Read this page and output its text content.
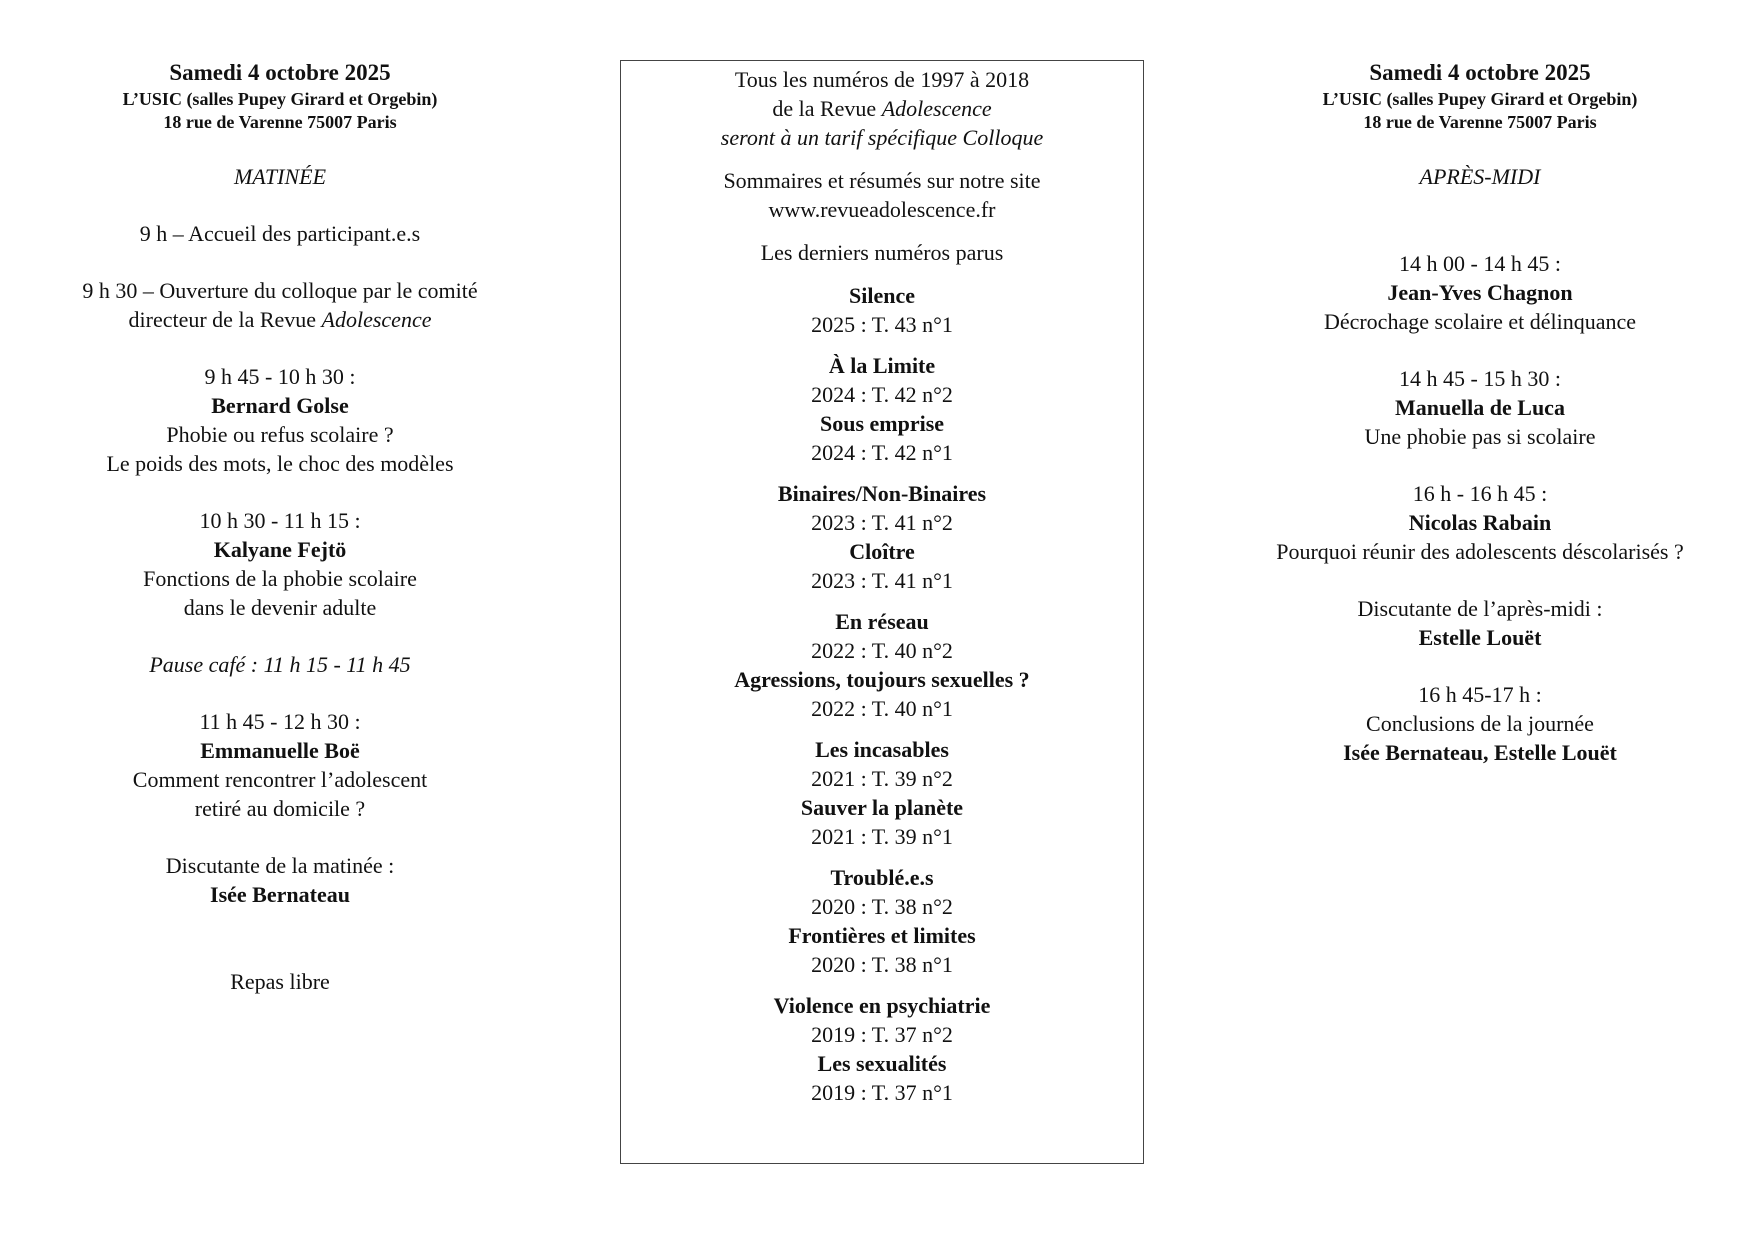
Samedi 4 octobre 2025
L’USIC (salles Pupey Girard et Orgebin)
18 rue de Varenne 75007 Paris
MATINÉE
9 h – Accueil des participant.e.s
9 h 30 – Ouverture du colloque par le comité
directeur de la Revue Adolescence
9 h 45 - 10 h 30 :
Bernard Golse
Phobie ou refus scolaire ?
Le poids des mots, le choc des modèles
10 h 30 - 11 h 15 :
Kalyane Fejtö
Fonctions de la phobie scolaire
dans le devenir adulte
Pause café : 11 h 15 - 11 h 45
11 h 45 - 12 h 30 :
Emmanuelle Boë
Comment rencontrer l’adolescent
retiré au domicile ?
Discutante de la matinée :
Isée Bernateau
Repas libre
Tous les numéros de 1997 à 2018
de la Revue Adolescence
seront à un tarif spécifique Colloque
Sommaires et résumés sur notre site
www.revueadolescence.fr
Les derniers numéros parus
Silence
2025 : T. 43 n°1
À la Limite
2024 : T. 42 n°2
Sous emprise
2024 : T. 42 n°1
Binaires/Non-Binaires
2023 : T. 41 n°2
Cloître
2023 : T. 41 n°1
En réseau
2022 : T. 40 n°2
Agressions, toujours sexuelles ?
2022 : T. 40 n°1
Les incasables
2021 : T. 39 n°2
Sauver la planète
2021 : T. 39 n°1
Troublé.e.s
2020 : T. 38 n°2
Frontières et limites
2020 : T. 38 n°1
Violence en psychiatrie
2019 : T. 37 n°2
Les sexualités
2019 : T. 37 n°1
Samedi 4 octobre 2025
L’USIC (salles Pupey Girard et Orgebin)
18 rue de Varenne 75007 Paris
APRÈS-MIDI
14 h 00 - 14 h 45 :
Jean-Yves Chagnon
Décrochage scolaire et délinquance
14 h 45 - 15 h 30 :
Manuella de Luca
Une phobie pas si scolaire
16 h - 16 h 45 :
Nicolas Rabain
Pourquoi réunir des adolescents déscolarisés ?
Discutante de l’après-midi :
Estelle Louët
16 h 45-17 h :
Conclusions de la journée
Isée Bernateau, Estelle Louët
